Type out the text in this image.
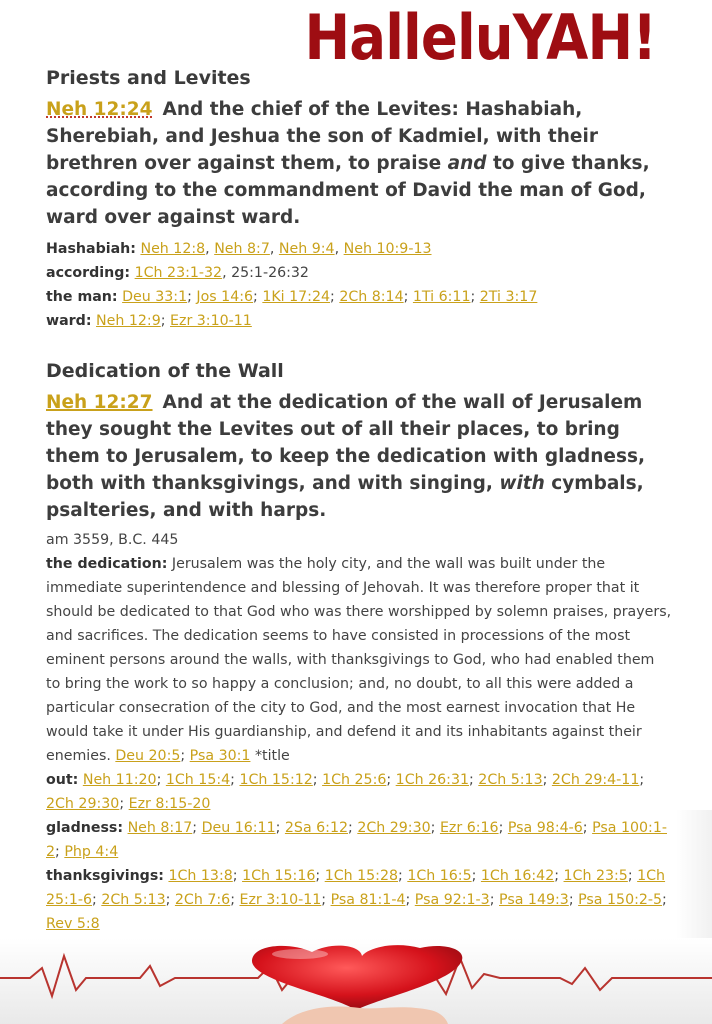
HalleluYAH!
Priests and Levites
Neh 12:24 And the chief of the Levites: Hashabiah, Sherebiah, and Jeshua the son of Kadmiel, with their brethren over against them, to praise and to give thanks, according to the commandment of David the man of God, ward over against ward.
Hashabiah: Neh 12:8, Neh 8:7, Neh 9:4, Neh 10:9-13
according: 1Ch 23:1-32, 25:1-26:32
the man: Deu 33:1; Jos 14:6; 1Ki 17:24; 2Ch 8:14; 1Ti 6:11; 2Ti 3:17
ward: Neh 12:9; Ezr 3:10-11
Dedication of the Wall
Neh 12:27 And at the dedication of the wall of Jerusalem they sought the Levites out of all their places, to bring them to Jerusalem, to keep the dedication with gladness, both with thanksgivings, and with singing, with cymbals, psalteries, and with harps.
am 3559, B.C. 445
the dedication: Jerusalem was the holy city, and the wall was built under the immediate superintendence and blessing of Jehovah. It was therefore proper that it should be dedicated to that God who was there worshipped by solemn praises, prayers, and sacrifices. The dedication seems to have consisted in processions of the most eminent persons around the walls, with thanksgivings to God, who had enabled them to bring the work to so happy a conclusion; and, no doubt, to all this were added a particular consecration of the city to God, and the most earnest invocation that He would take it under His guardianship, and defend it and its inhabitants against their enemies. Deu 20:5; Psa 30:1 *title
out: Neh 11:20; 1Ch 15:4; 1Ch 15:12; 1Ch 25:6; 1Ch 26:31; 2Ch 5:13; 2Ch 29:4-11; 2Ch 29:30; Ezr 8:15-20
gladness: Neh 8:17; Deu 16:11; 2Sa 6:12; 2Ch 29:30; Ezr 6:16; Psa 98:4-6; Psa 100:1-2; Php 4:4
thanksgivings: 1Ch 13:8; 1Ch 15:16; 1Ch 15:28; 1Ch 16:5; 1Ch 16:42; 1Ch 23:5; 1Ch 25:1-6; 2Ch 5:13; 2Ch 7:6; Ezr 3:10-11; Psa 81:1-4; Psa 92:1-3; Psa 149:3; Psa 150:2-5; Rev 5:8
